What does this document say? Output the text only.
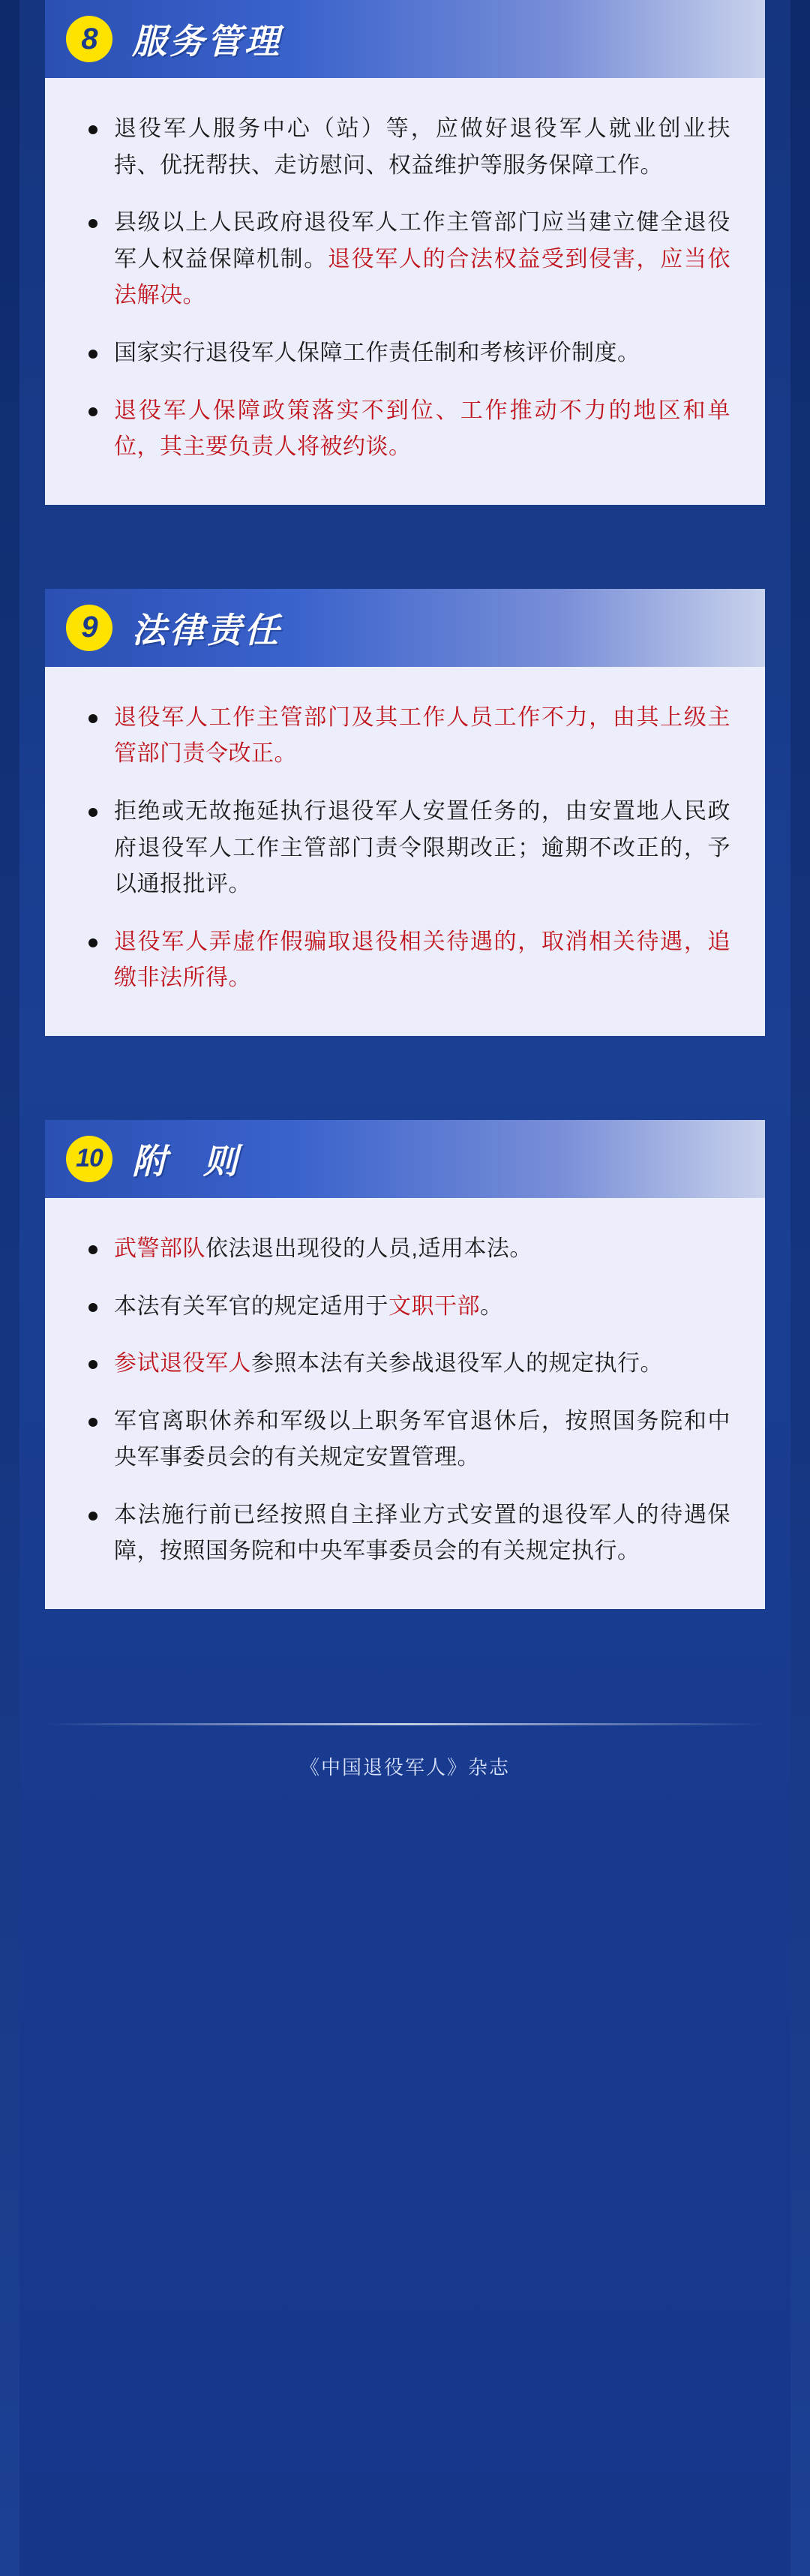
8	服务管理
退役军人服务中心（站）等，应做好退役军人就业创业扶持、优抚帮扶、走访慰问、权益维护等服务保障工作。
县级以上人民政府退役军人工作主管部门应当建立健全退役军人权益保障机制。退役军人的合法权益受到侵害，应当依法解决。
国家实行退役军人保障工作责任制和考核评价制度。
退役军人保障政策落实不到位、工作推动不力的地区和单位，其主要负责人将被约谈。
9	法律责任
退役军人工作主管部门及其工作人员工作不力，由其上级主管部门责令改正。
拒绝或无故拖延执行退役军人安置任务的，由安置地人民政府退役军人工作主管部门责令限期改正；逾期不改正的，予以通报批评。
退役军人弄虚作假骗取退役相关待遇的，取消相关待遇，追缴非法所得。
10 附 则
武警部队依法退出现役的人员,适用本法。
本法有关军官的规定适用于文职干部。
参试退役军人参照本法有关参战退役军人的规定执行。
军官离职休养和军级以上职务军官退休后，按照国务院和中央军事委员会的有关规定安置管理。
本法施行前已经按照自主择业方式安置的退役军人的待遇保障，按照国务院和中央军事委员会的有关规定执行。
《中国退役军人》杂志
